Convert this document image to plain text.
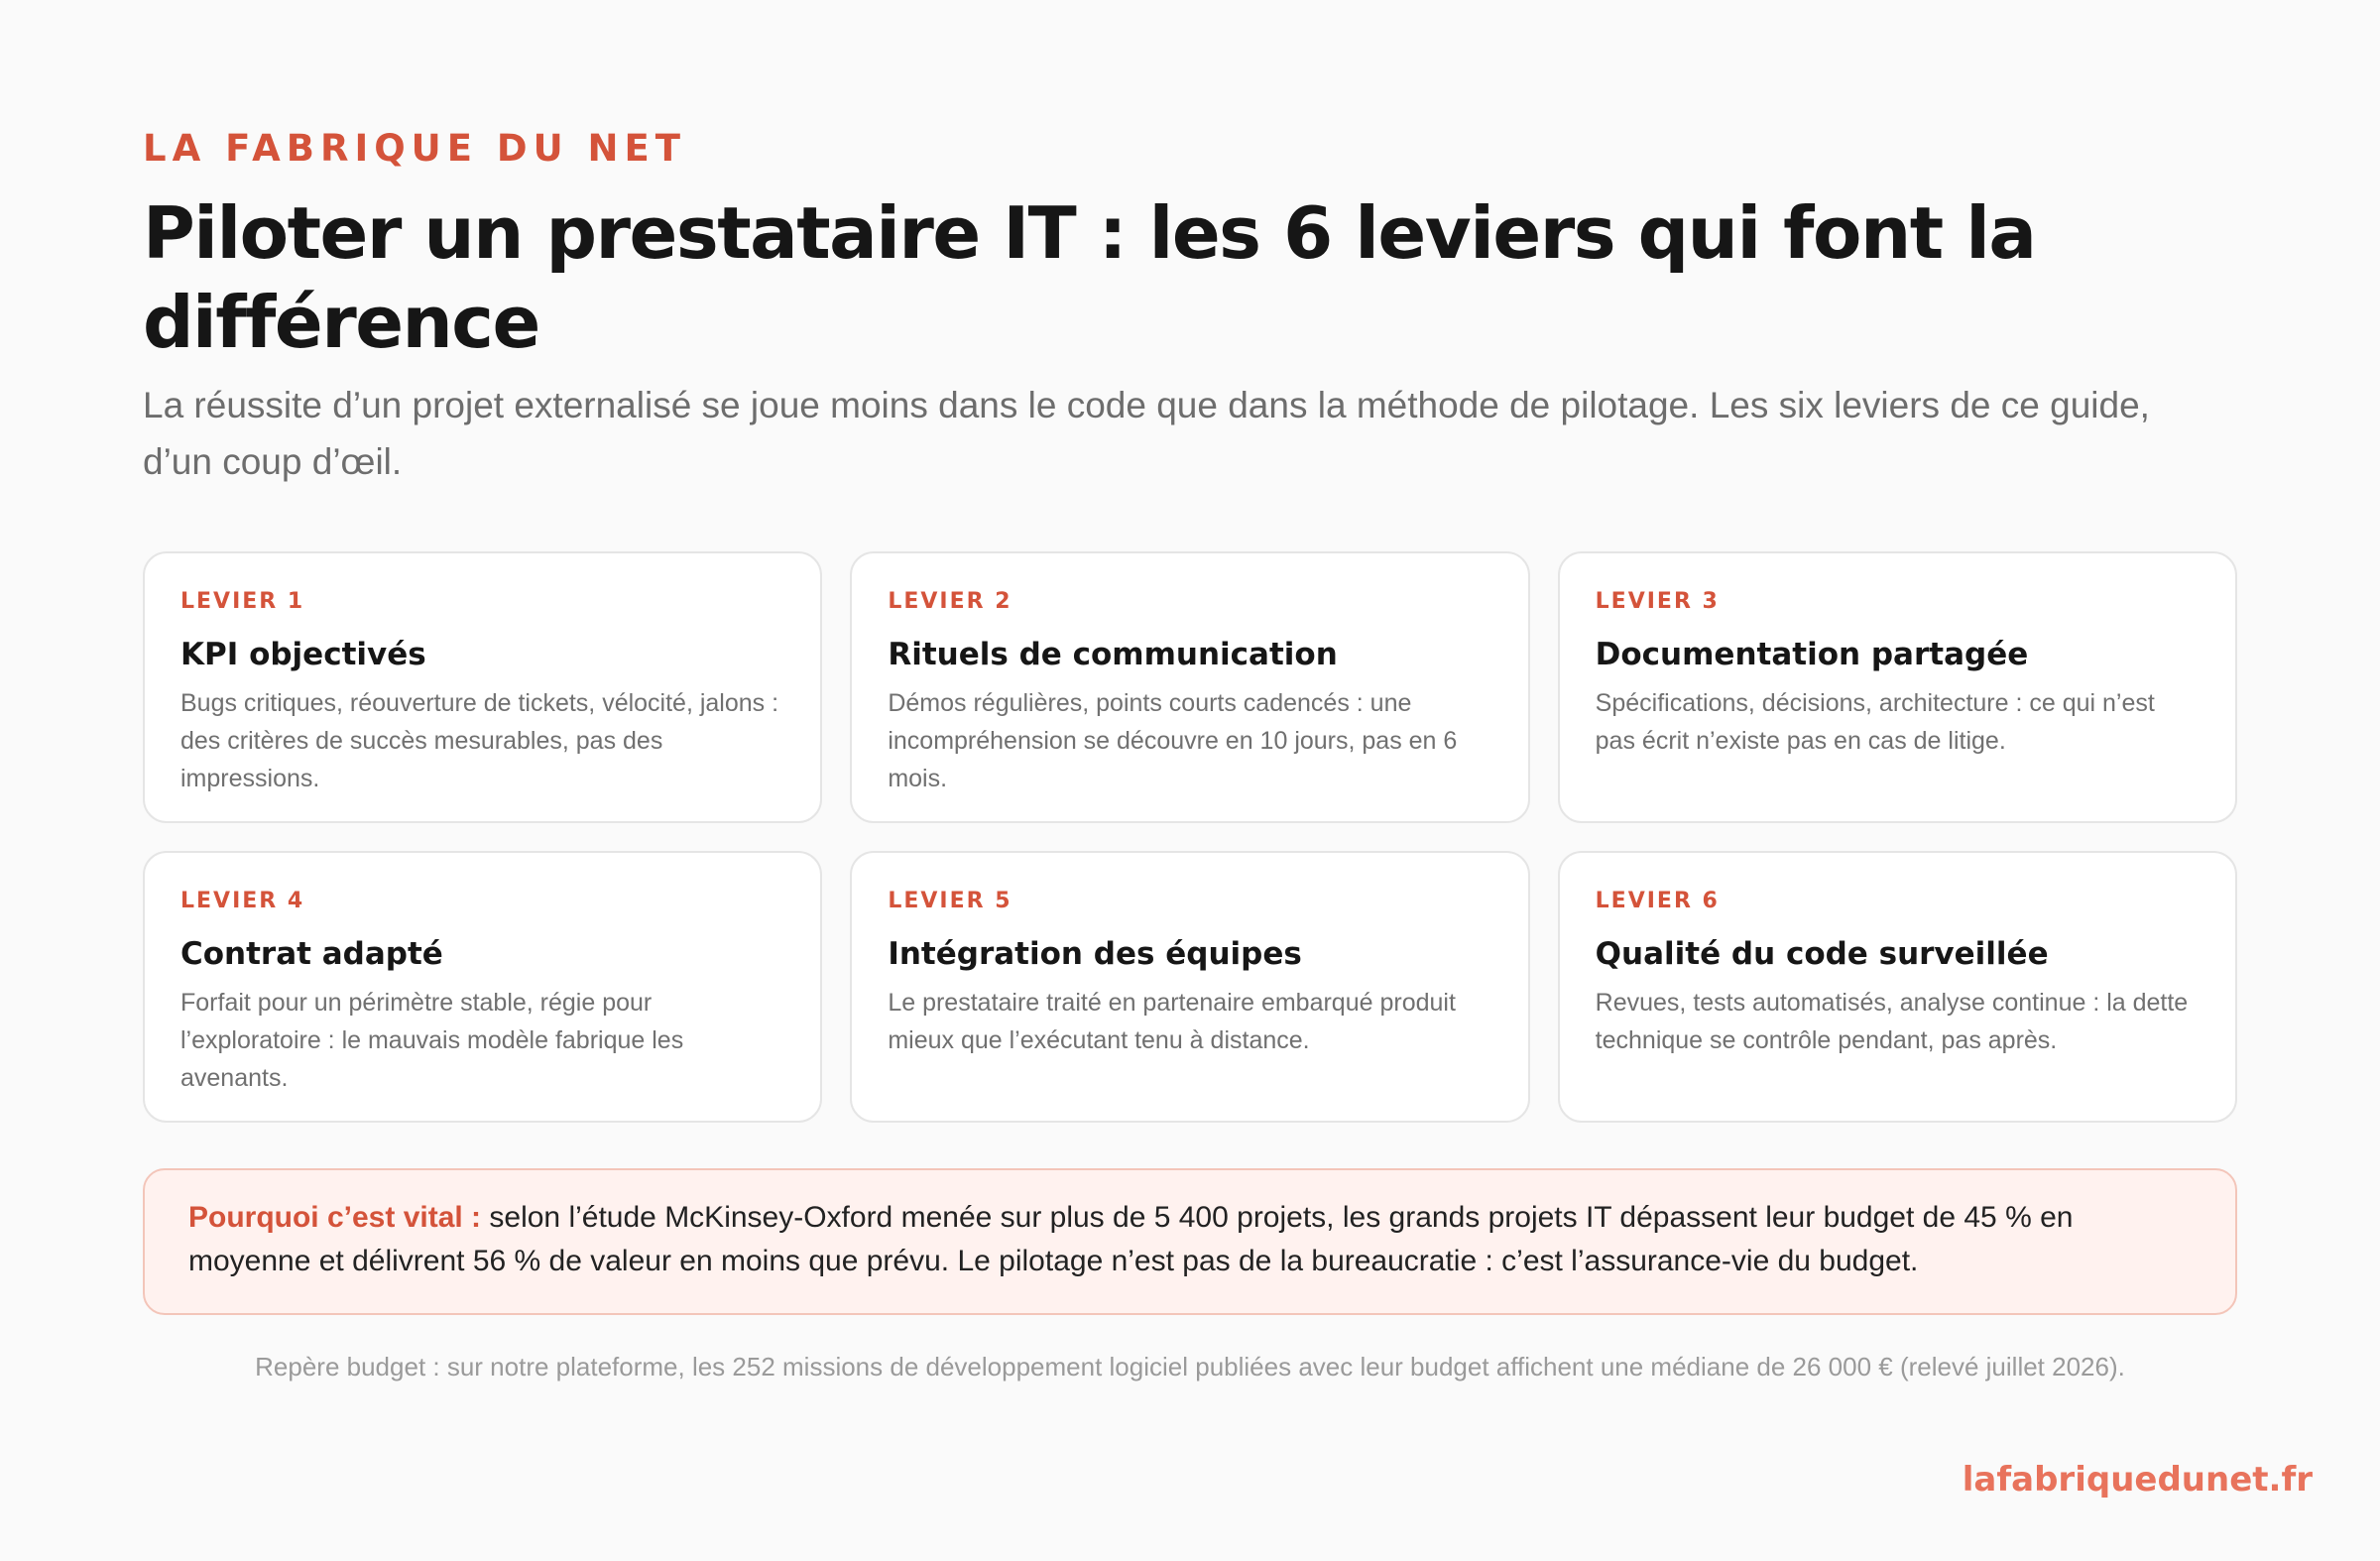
LA FABRIQUE DU NET
Piloter un prestataire IT : les 6 leviers qui font la différence

La réussite d’un projet externalisé se joue moins dans le code que dans la méthode de pilotage. Les six leviers de ce guide, d’un coup d’œil.

LEVIER 1
KPI objectivés
Bugs critiques, réouverture de tickets, vélocité, jalons : des critères de succès mesurables, pas des impressions.
LEVIER 2
Rituels de communication
Démos régulières, points courts cadencés : une incompréhension se découvre en 10 jours, pas en 6 mois.
LEVIER 3
Documentation partagée
Spécifications, décisions, architecture : ce qui n’est pas écrit n’existe pas en cas de litige.
LEVIER 4
Contrat adapté
Forfait pour un périmètre stable, régie pour l’exploratoire : le mauvais modèle fabrique les avenants.
LEVIER 5
Intégration des équipes
Le prestataire traité en partenaire embarqué produit mieux que l’exécutant tenu à distance.
LEVIER 6
Qualité du code surveillée
Revues, tests automatisés, analyse continue : la dette technique se contrôle pendant, pas après.
Pourquoi c’est vital : selon l’étude McKinsey-Oxford menée sur plus de 5 400 projets, les grands projets IT dépassent leur budget de 45 % en moyenne et délivrent 56 % de valeur en moins que prévu. Le pilotage n’est pas de la bureaucratie : c’est l’assurance-vie du budget.
Repère budget : sur notre plateforme, les 252 missions de développement logiciel publiées avec leur budget affichent une médiane de 26 000 € (relevé juillet 2026).
lafabriquedunet.fr
